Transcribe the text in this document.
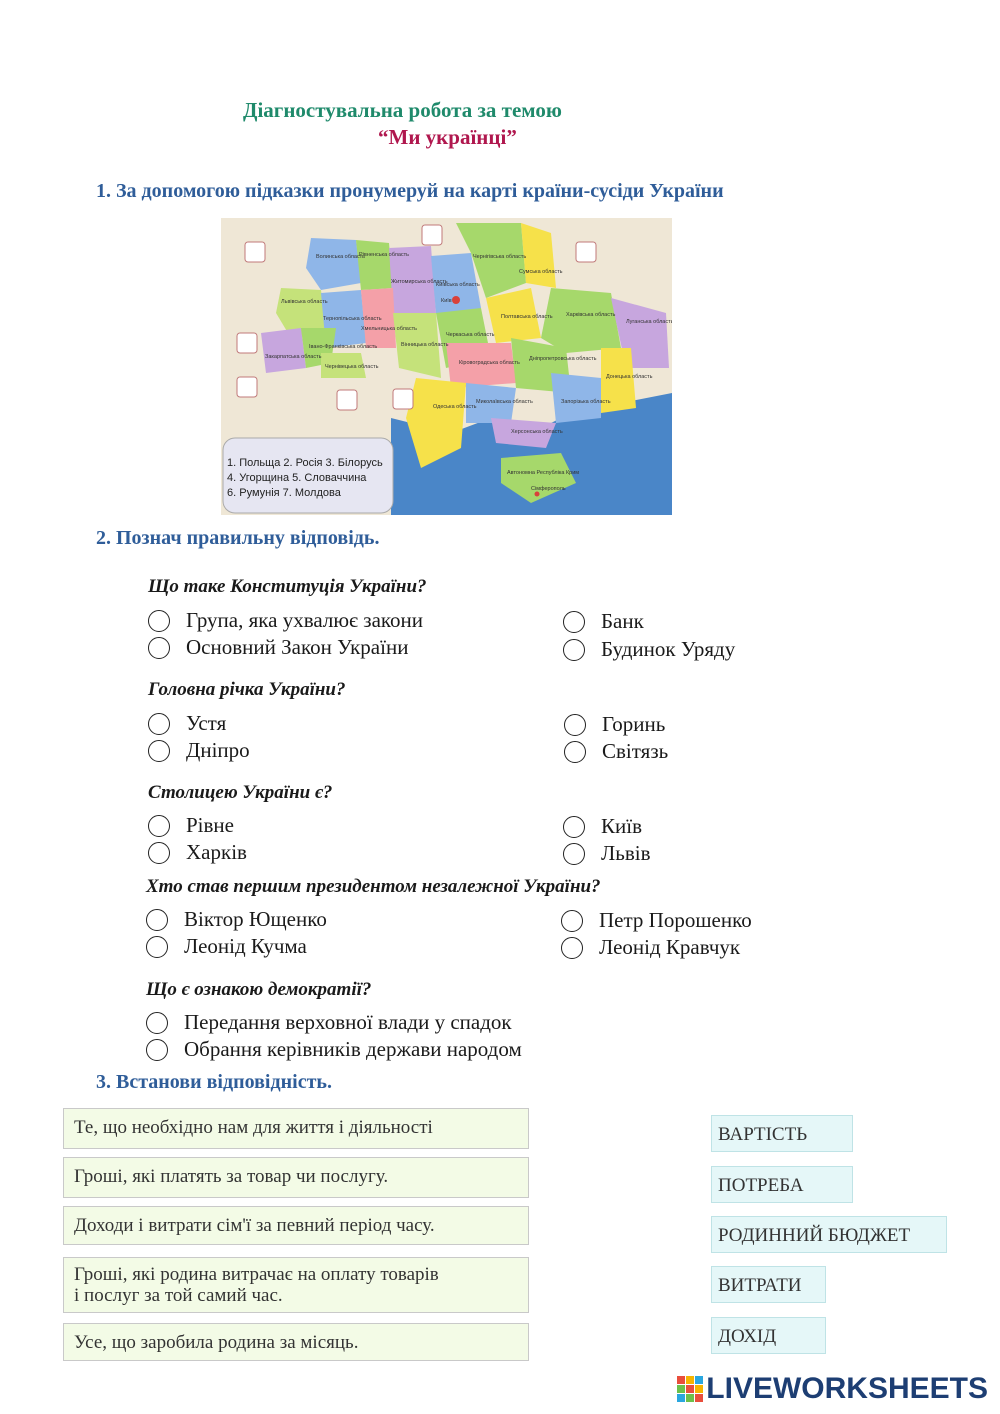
Діагностувальна робота за темою
“Ми українці”
1. За допомогою підказки пронумеруй на карті країни-сусіди України
Волинська область
Рівненська область
Житомирська область
Київська область
Київ
Чернігівська область
Сумська область
Львівська область
Тернопільська область
Хмельницька область
Вінницька область
Черкаська область
Полтавська область Харківська область
Луганська область
Закарпатська область
Івано-Франківська область
Чернівецька область
Кіровоградська область
Дніпропетровська область
Донецька область
Одеська область
Миколаївська область	Запорізька область
Херсонська область
Автономна Республіка Крим
Сімферополь
1. Польща 2. Росія 3. Білорусь
4. Угорщина 5. Словаччина
6. Румунія 7. Молдова
2. Познач правильну відповідь.
Що таке Конституція України?
Група, яка ухвалює закони
Основний Закон України
Банк
Будинок Уряду
Головна річка України?
Устя
Дніпро
Горинь
Світязь
Столицею України є?
Рівне
Харків
Київ
Львів
Хто став першим президентом незалежної України?
Віктор Ющенко
Леонід Кучма
Петр Порошенко
Леонід Кравчук
Що є ознакою демократії?
Передання верховної влади у спадок
Обрання керівників держави народом
3. Встанови відповідність.
Те, що необхідно нам для життя і діяльності
Гроші, які платять за товар чи послугу.
Доходи і витрати сім'ї за певний період часу.
Гроші, які родина витрачає на оплату товарів
і послуг за той самий час.
Усе, що заробила родина за місяць.
ВАРТІСТЬ
ПОТРЕБА
РОДИННИЙ БЮДЖЕТ
ВИТРАТИ
ДОХІД
LIVEWORKSHEETS
